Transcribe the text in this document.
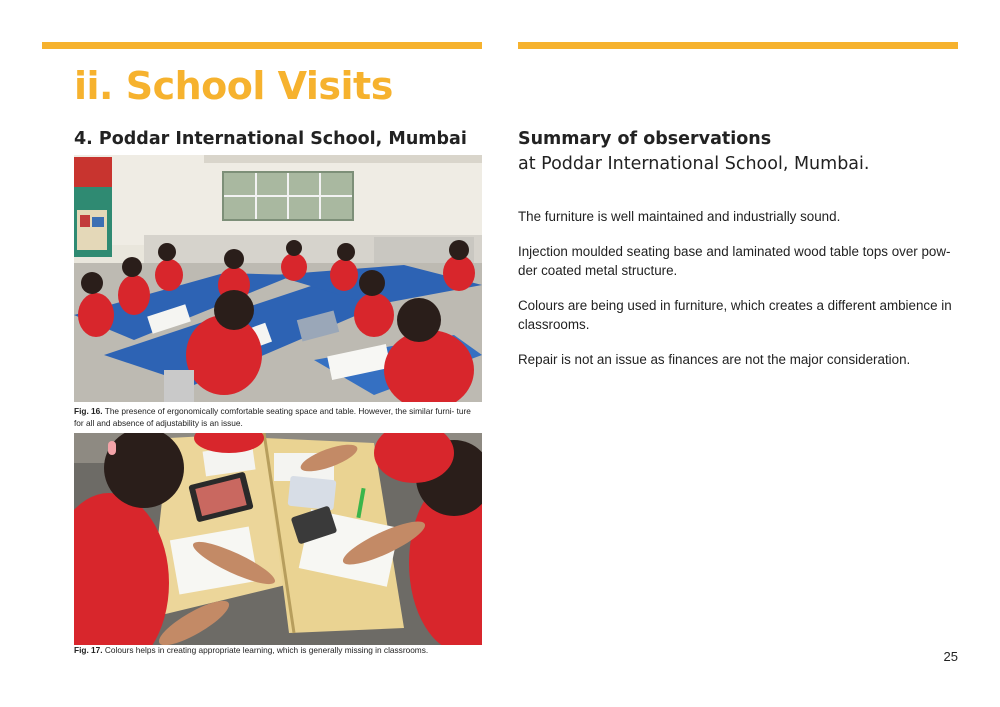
ii. School Visits
4. Poddar International School, Mumbai

Fig. 16. The presence of ergonomically comfortable seating space and table. However, the similar furni- ture for all and absence of adjustability is an issue.

Fig. 17. Colours helps in creating appropriate learning, which is generally missing in classrooms.

Summary of observations

at Poddar International School, Mumbai.

The furniture is well maintained and industrially sound.
Injection moulded seating base and laminated wood table tops over pow- der coated metal structure.
Colours are being used in furniture, which creates a different ambience in classrooms.
Repair is not an issue as finances are not the major consideration.
25
